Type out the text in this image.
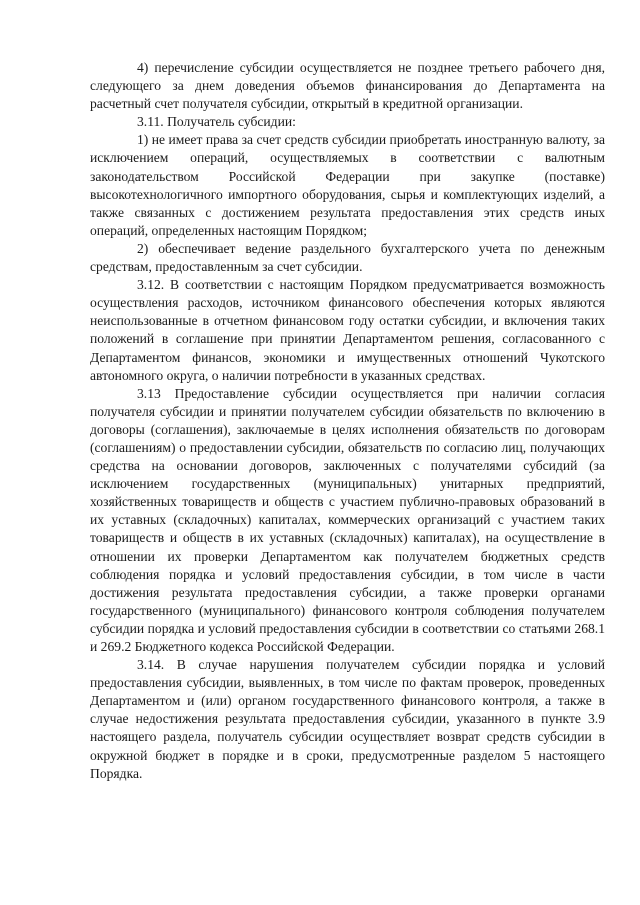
4) перечисление субсидии осуществляется не позднее третьего рабочего дня, следующего за днем доведения объемов финансирования до Департамента на расчетный счет получателя субсидии, открытый в кредитной организации.

3.11. Получатель субсидии:

1) не имеет права за счет средств субсидии приобретать иностранную валюту, за исключением операций, осуществляемых в соответствии с валютным законодательством Российской Федерации при закупке (поставке) высокотехнологичного импортного оборудования, сырья и комплектующих изделий, а также связанных с достижением результата предоставления этих средств иных операций, определенных настоящим Порядком;

2) обеспечивает ведение раздельного бухгалтерского учета по денежным средствам, предоставленным за счет субсидии.

3.12. В соответствии с настоящим Порядком предусматривается возможность осуществления расходов, источником финансового обеспечения которых являются неиспользованные в отчетном финансовом году остатки субсидии, и включения таких положений в соглашение при принятии Департаментом решения, согласованного с Департаментом финансов, экономики и имущественных отношений Чукотского автономного округа, о наличии потребности в указанных средствах.

3.13 Предоставление субсидии осуществляется при наличии согласия получателя субсидии и принятии получателем субсидии обязательств по включению в договоры (соглашения), заключаемые в целях исполнения обязательств по договорам (соглашениям) о предоставлении субсидии, обязательств по согласию лиц, получающих средства на основании договоров, заключенных с получателями субсидий (за исключением государственных (муниципальных) унитарных предприятий, хозяйственных товариществ и обществ с участием публично-правовых образований в их уставных (складочных) капиталах, коммерческих организаций с участием таких товариществ и обществ в их уставных (складочных) капиталах), на осуществление в отношении их проверки Департаментом как получателем бюджетных средств соблюдения порядка и условий предоставления субсидии, в том числе в части достижения результата предоставления субсидии, а также проверки органами государственного (муниципального) финансового контроля соблюдения получателем субсидии порядка и условий предоставления субсидии в соответствии со статьями 268.1 и 269.2 Бюджетного кодекса Российской Федерации.

3.14. В случае нарушения получателем субсидии порядка и условий предоставления субсидии, выявленных, в том числе по фактам проверок, проведенных Департаментом и (или) органом государственного финансового контроля, а также в случае недостижения результата предоставления субсидии, указанного в пункте 3.9 настоящего раздела, получатель субсидии осуществляет возврат средств субсидии в окружной бюджет в порядке и в сроки, предусмотренные разделом 5 настоящего Порядка.
